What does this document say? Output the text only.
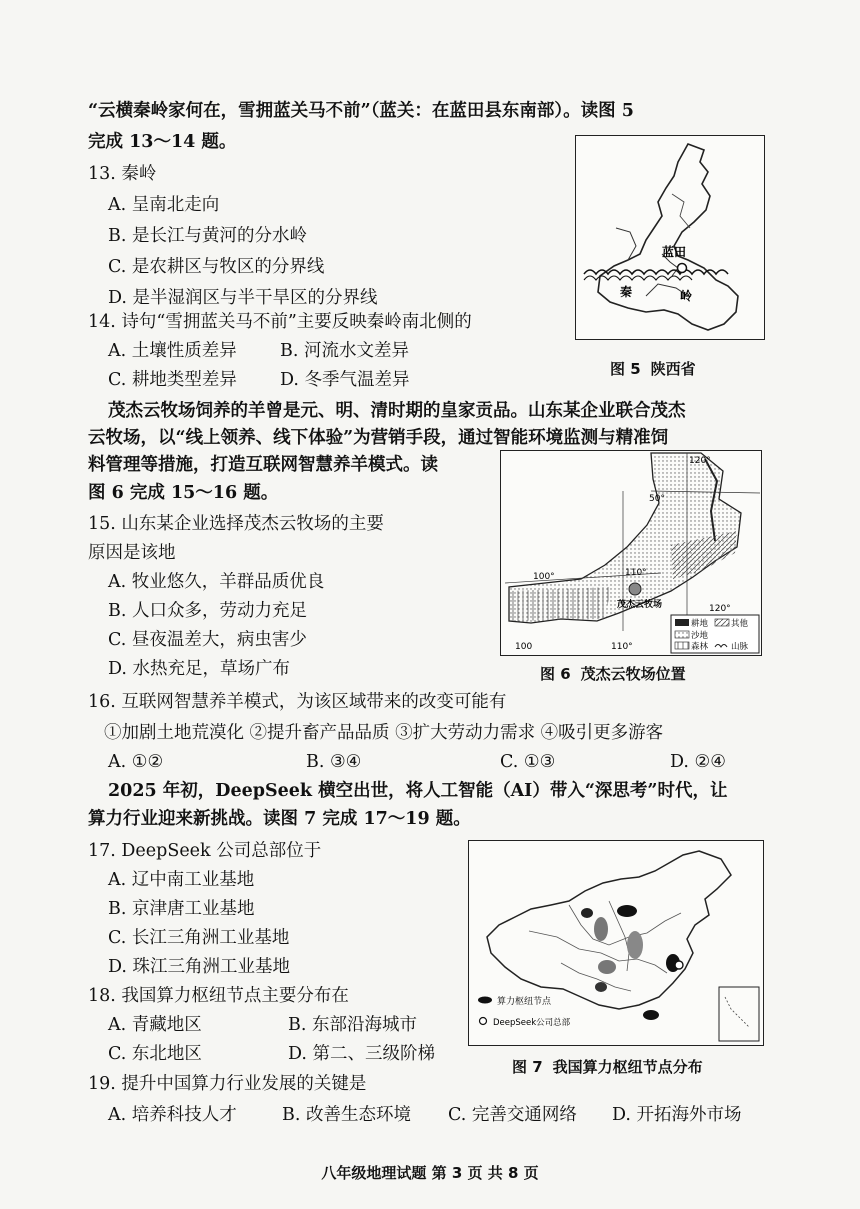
“云横秦岭家何在，雪拥蓝关马不前”（蓝关：在蓝田县东南部）。读图 5
完成 13～14 题。
13. 秦岭
A. 呈南北走向
B. 是长江与黄河的分水岭
C. 是农耕区与牧区的分界线
D. 是半湿润区与半干旱区的分界线
14. 诗句“雪拥蓝关马不前”主要反映秦岭南北侧的
A. 土壤性质差异 B. 河流水文差异
C. 耕地类型差异 D. 冬季气温差异
蓝田
秦	岭
图 5 陕西省
茂杰云牧场饲养的羊曾是元、明、清时期的皇家贡品。山东某企业联合茂杰
云牧场，以“线上领养、线下体验”为营销手段，通过智能环境监测与精准饲
料管理等措施，打造互联网智慧养羊模式。读
图 6 完成 15～16 题。
15. 山东某企业选择茂杰云牧场的主要
原因是该地
A. 牧业悠久，羊群品质优良
B. 人口众多，劳动力充足
C. 昼夜温差大，病虫害少
D. 水热充足，草场广布
茂杰云牧场
120°
50°
110°
100°
120°
100	110°
耕地	其他
沙地
森林	山脉
图 6 茂杰云牧场位置
16. 互联网智慧养羊模式，为该区域带来的改变可能有
①加剧土地荒漠化 ②提升畜产品品质 ③扩大劳动力需求 ④吸引更多游客
A. ①②	B. ③④	C. ①③	D. ②④
2025 年初，DeepSeek 横空出世，将人工智能（AI）带入“深思考”时代，让
算力行业迎来新挑战。读图 7 完成 17～19 题。
17. DeepSeek 公司总部位于
A. 辽中南工业基地
B. 京津唐工业基地
C. 长江三角洲工业基地
D. 珠江三角洲工业基地
18. 我国算力枢纽节点主要分布在
A. 青藏地区	B. 东部沿海城市
C. 东北地区	D. 第二、三级阶梯
算力枢纽节点
DeepSeek公司总部
图 7 我国算力枢纽节点分布
19. 提升中国算力行业发展的关键是
A. 培养科技人才	B. 改善生态环境 C. 完善交通网络 D. 开拓海外市场
八年级地理试题 第 3 页 共 8 页
